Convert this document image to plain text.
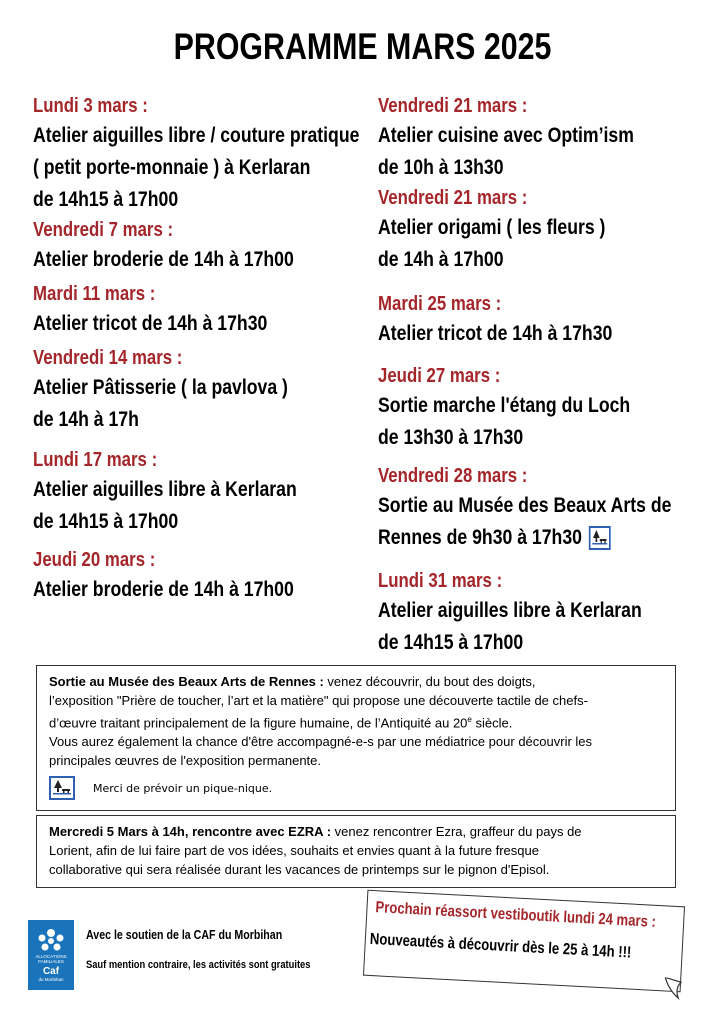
PROGRAMME MARS 2025
Lundi 3 mars :
Atelier aiguilles libre / couture pratique
( petit porte-monnaie ) à Kerlaran
de 14h15 à 17h00
Vendredi 7 mars :
Atelier broderie de 14h à 17h00
Mardi 11 mars :
Atelier tricot de 14h à 17h30
Vendredi 14 mars :
Atelier Pâtisserie ( la pavlova )
de 14h à 17h
Lundi 17 mars :
Atelier aiguilles libre à Kerlaran
de 14h15 à 17h00
Jeudi 20 mars :
Atelier broderie de 14h à 17h00
Vendredi 21 mars :
Atelier cuisine avec Optim’ism
de 10h à 13h30
Vendredi 21 mars :
Atelier origami ( les fleurs )
de 14h à 17h00
Mardi 25 mars :
Atelier tricot de 14h à 17h30
Jeudi 27 mars :
Sortie marche l'étang du Loch
de 13h30 à 17h30
Vendredi 28 mars :
Sortie au Musée des Beaux Arts de
Rennes de 9h30 à 17h30
Lundi 31 mars :
Atelier aiguilles libre à Kerlaran
de 14h15 à 17h00
Sortie au Musée des Beaux Arts de Rennes : venez découvrir, du bout des doigts,
l’exposition "Prière de toucher, l’art et la matière" qui propose une découverte tactile de chefs-
d’œuvre traitant principalement de la figure humaine, de l’Antiquité au 20e siècle.
Vous aurez également la chance d'être accompagné-e-s par une médiatrice pour découvrir les
principales œuvres de l'exposition permanente.
Merci de prévoir un pique-nique.
Mercredi 5 Mars à 14h, rencontre avec EZRA : venez rencontrer Ezra, graffeur du pays de
Lorient, afin de lui faire part de vos idées, souhaits et envies quant à la future fresque
collaborative qui sera réalisée durant les vacances de printemps sur le pignon d'Episol.
ALLOCATIONS
FAMILIALES
Caf
du Morbihan
Avec le soutien de la CAF du Morbihan
Sauf mention contraire, les activités sont gratuites
Prochain réassort vestiboutik lundi 24 mars :
Nouveautés à découvrir dès le 25 à 14h !!!
